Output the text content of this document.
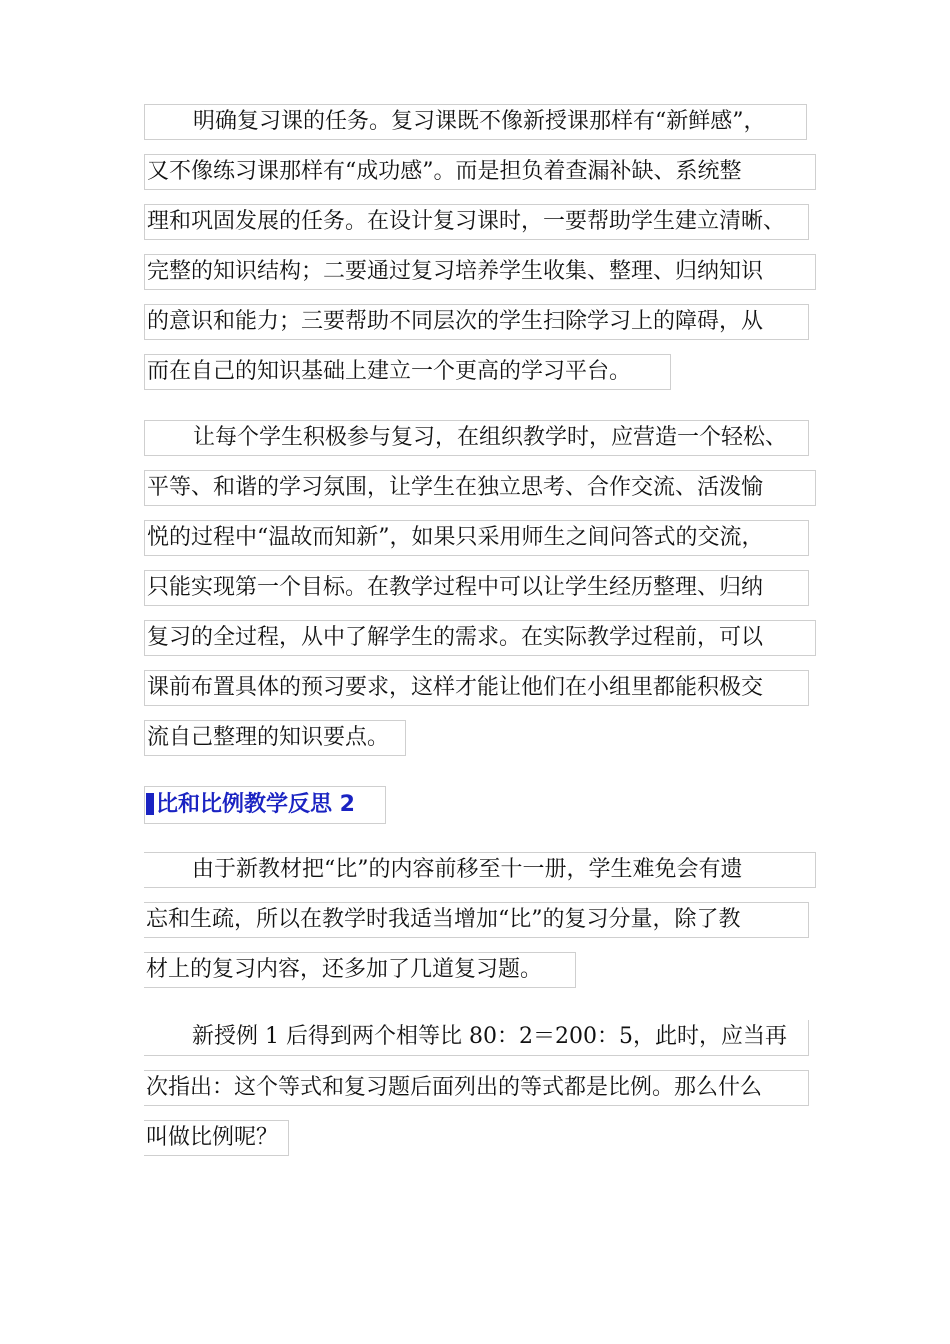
明确复习课的任务。复习课既不像新授课那样有“新鲜感”，
又不像练习课那样有“成功感”。而是担负着查漏补缺、系统整
理和巩固发展的任务。在设计复习课时，一要帮助学生建立清晰、
完整的知识结构；二要通过复习培养学生收集、整理、归纳知识
的意识和能力；三要帮助不同层次的学生扫除学习上的障碍，从
而在自己的知识基础上建立一个更高的学习平台。
让每个学生积极参与复习，在组织教学时，应营造一个轻松、
平等、和谐的学习氛围，让学生在独立思考、合作交流、活泼愉
悦的过程中“温故而知新”，如果只采用师生之间问答式的交流，
只能实现第一个目标。在教学过程中可以让学生经历整理、归纳
复习的全过程，从中了解学生的需求。在实际教学过程前，可以
课前布置具体的预习要求，这样才能让他们在小组里都能积极交
流自己整理的知识要点。
比和比例教学反思 2
由于新教材把“比”的内容前移至十一册，学生难免会有遗
忘和生疏，所以在教学时我适当增加“比”的复习分量，除了教
材上的复习内容，还多加了几道复习题。
新授例 1 后得到两个相等比 80：2＝200：5，此时，应当再
次指出：这个等式和复习题后面列出的等式都是比例。那么什么
叫做比例呢？
